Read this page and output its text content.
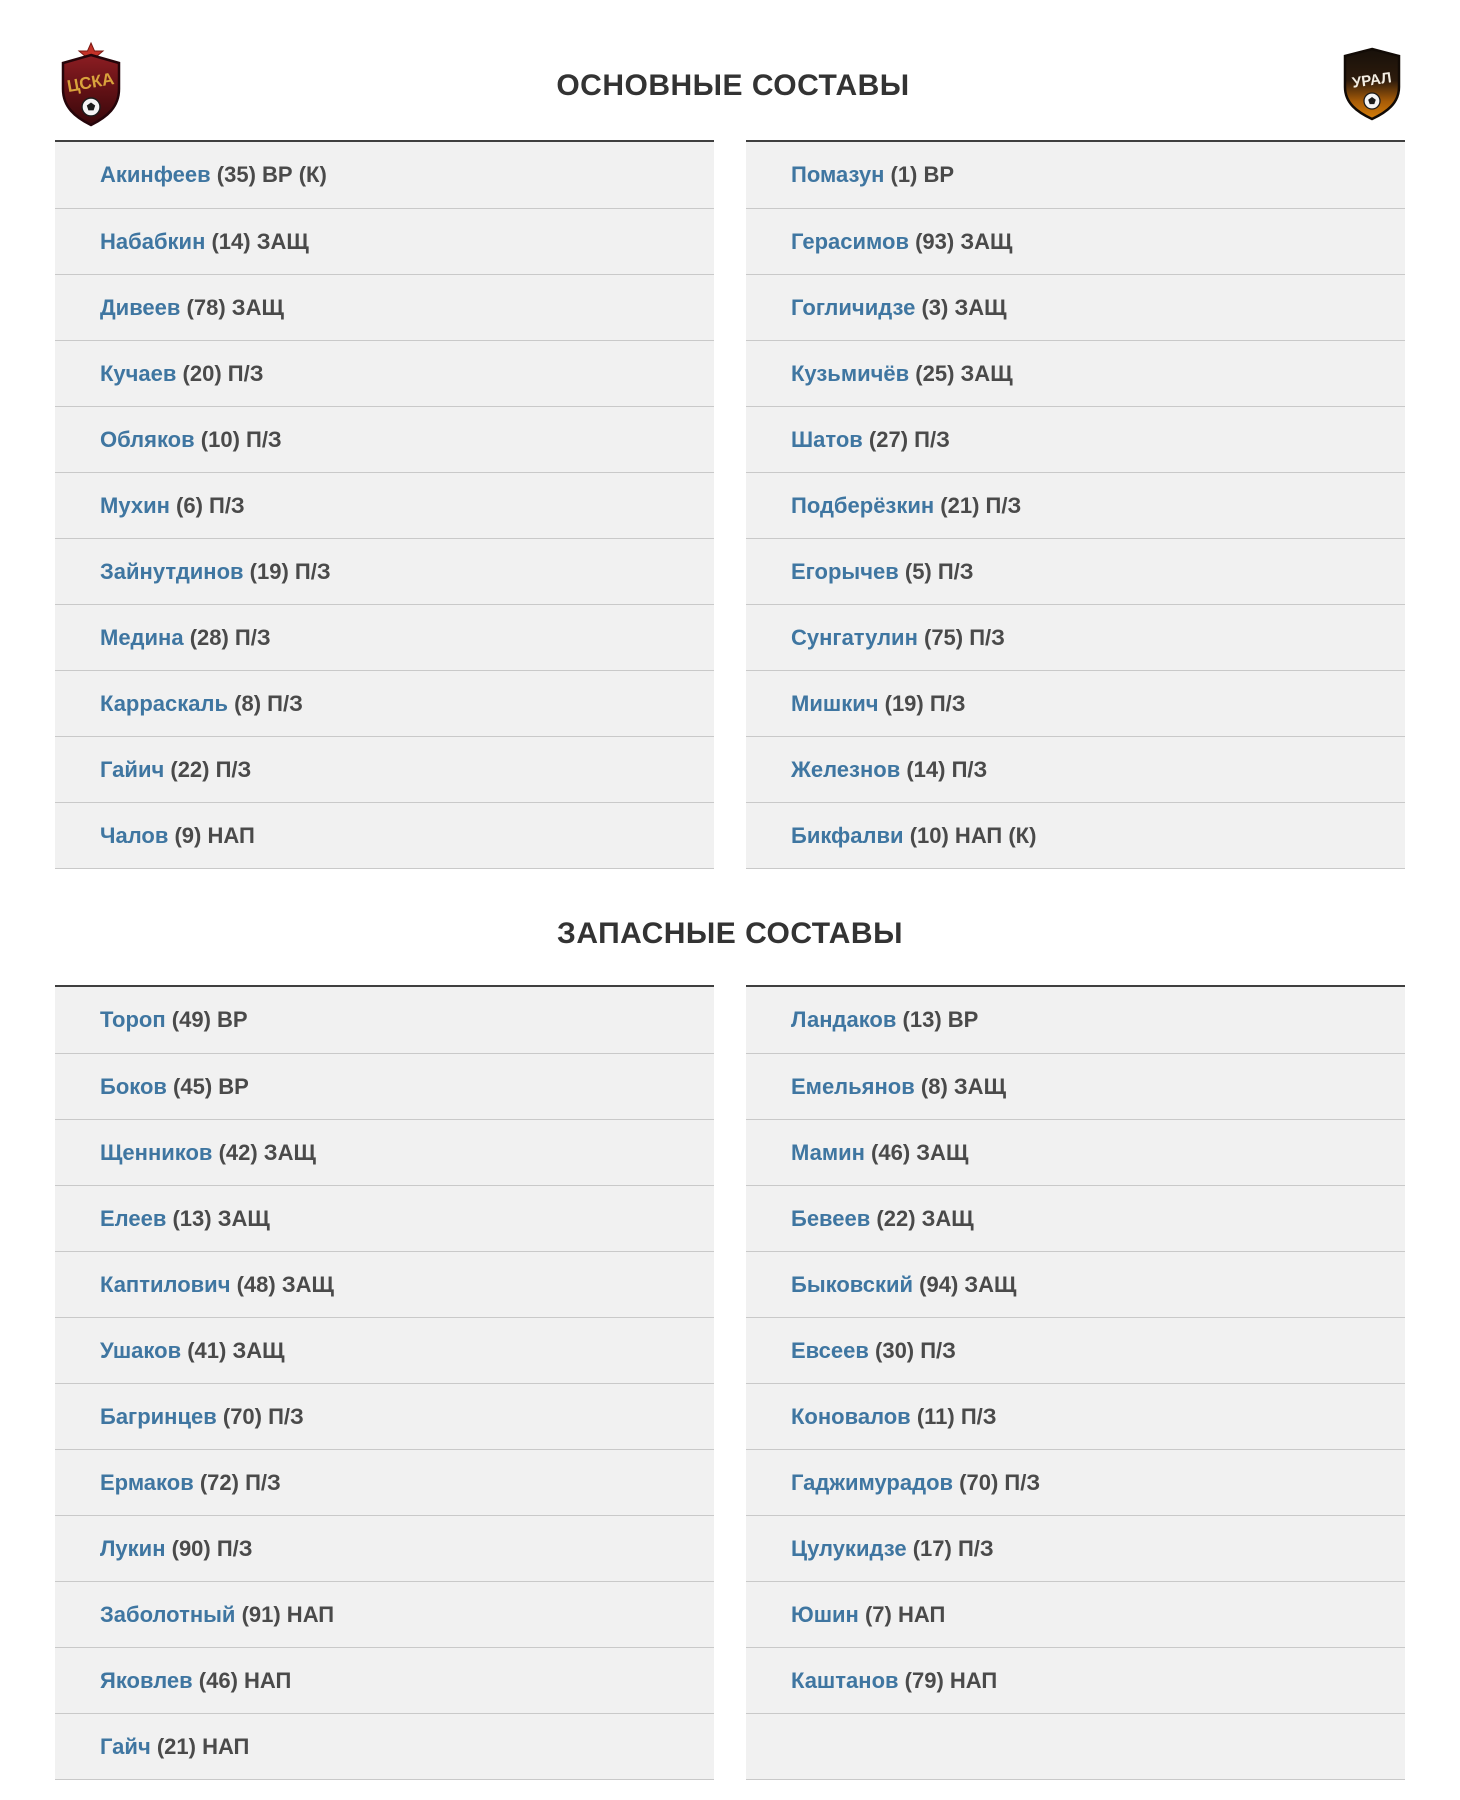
ЦСКА	ОСНОВНЫЕ СОСТАВЫ	УРАЛ
Акинфеев (35) ВР (К)
Набабкин (14) ЗАЩ
Дивеев (78) ЗАЩ
Кучаев (20) П/З
Обляков (10) П/З
Мухин (6) П/З
Зайнутдинов (19) П/З
Медина (28) П/З
Карраскаль (8) П/З
Гайич (22) П/З
Чалов (9) НАП
Помазун (1) ВР
Герасимов (93) ЗАЩ
Гогличидзе (3) ЗАЩ
Кузьмичёв (25) ЗАЩ
Шатов (27) П/З
Подберёзкин (21) П/З
Егорычев (5) П/З
Сунгатулин (75) П/З
Мишкич (19) П/З
Железнов (14) П/З
Бикфалви (10) НАП (К)
ЗАПАСНЫЕ СОСТАВЫ
Тороп (49) ВР
Боков (45) ВР
Щенников (42) ЗАЩ
Елеев (13) ЗАЩ
Каптилович (48) ЗАЩ
Ушаков (41) ЗАЩ
Багринцев (70) П/З
Ермаков (72) П/З
Лукин (90) П/З
Заболотный (91) НАП
Яковлев (46) НАП
Гайч (21) НАП
Ландаков (13) ВР
Емельянов (8) ЗАЩ
Мамин (46) ЗАЩ
Бевеев (22) ЗАЩ
Быковский (94) ЗАЩ
Евсеев (30) П/З
Коновалов (11) П/З
Гаджимурадов (70) П/З
Цулукидзе (17) П/З
Юшин (7) НАП
Каштанов (79) НАП
